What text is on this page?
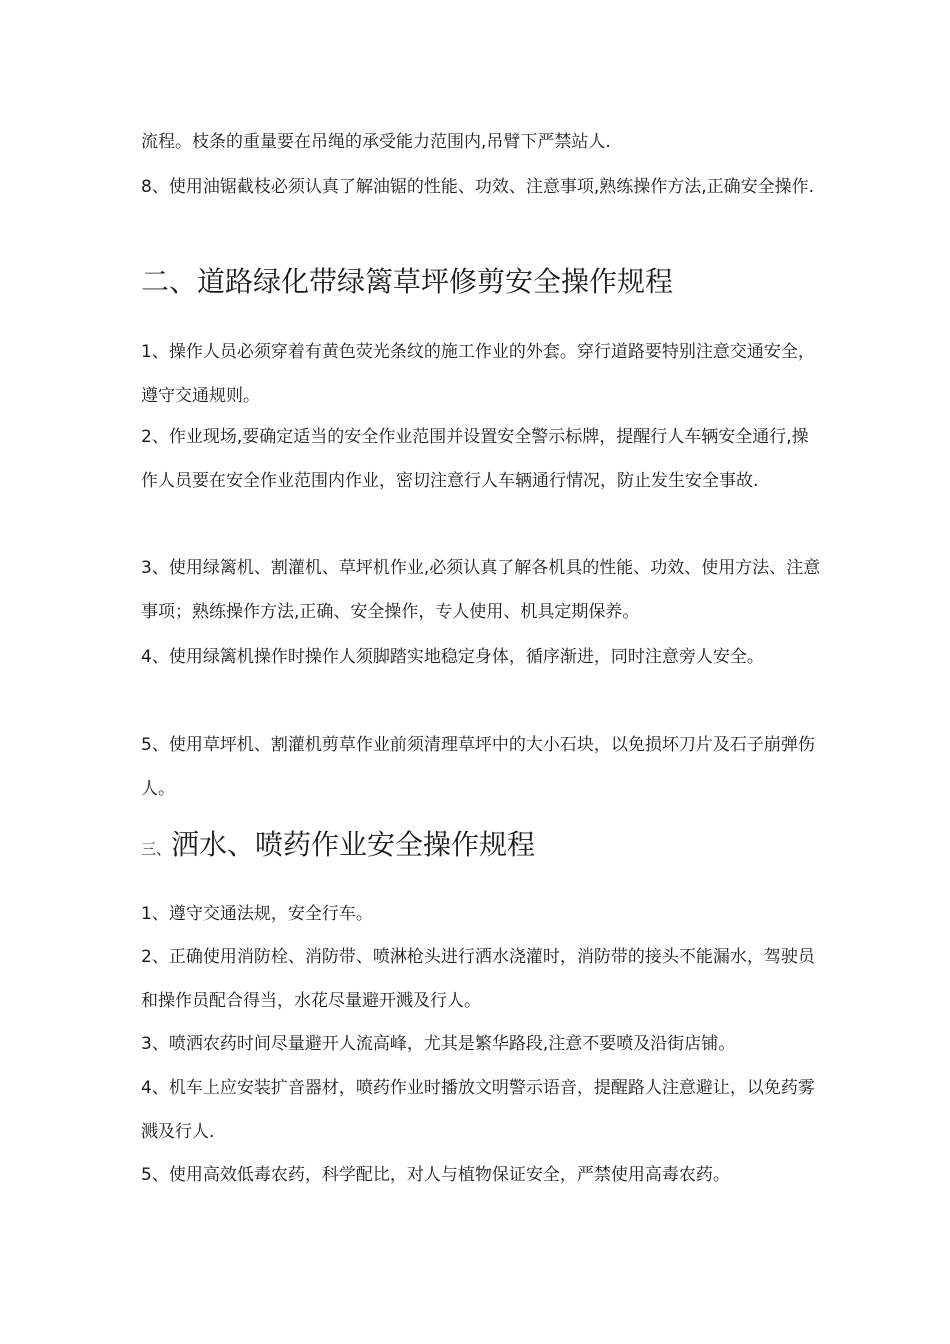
流程。枝条的重量要在吊绳的承受能力范围内,吊臂下严禁站人.

8、使用油锯截枝必须认真了解油锯的性能、功效、注意事项,熟练操作方法,正确安全操作.

二、道路绿化带绿篱草坪修剪安全操作规程

1、操作人员必须穿着有黄色荧光条纹的施工作业的外套。穿行道路要特别注意交通安全，遵守交通规则。

2、作业现场,要确定适当的安全作业范围并设置安全警示标牌，提醒行人车辆安全通行,操作人员要在安全作业范围内作业，密切注意行人车辆通行情况，防止发生安全事故.

3、使用绿篱机、割灌机、草坪机作业,必须认真了解各机具的性能、功效、使用方法、注意事项；熟练操作方法,正确、安全操作，专人使用、机具定期保养。

4、使用绿篱机操作时操作人须脚踏实地稳定身体，循序渐进，同时注意旁人安全。

5、使用草坪机、割灌机剪草作业前须清理草坪中的大小石块，以免损坏刀片及石子崩弹伤人。

三、洒水、喷药作业安全操作规程

1、遵守交通法规，安全行车。

2、正确使用消防栓、消防带、喷淋枪头进行洒水浇灌时，消防带的接头不能漏水，驾驶员和操作员配合得当，水花尽量避开溅及行人。

3、喷洒农药时间尽量避开人流高峰，尤其是繁华路段,注意不要喷及沿街店铺。

4、机车上应安装扩音器材，喷药作业时播放文明警示语音，提醒路人注意避让，以免药雾溅及行人.

5、使用高效低毒农药，科学配比，对人与植物保证安全，严禁使用高毒农药。
